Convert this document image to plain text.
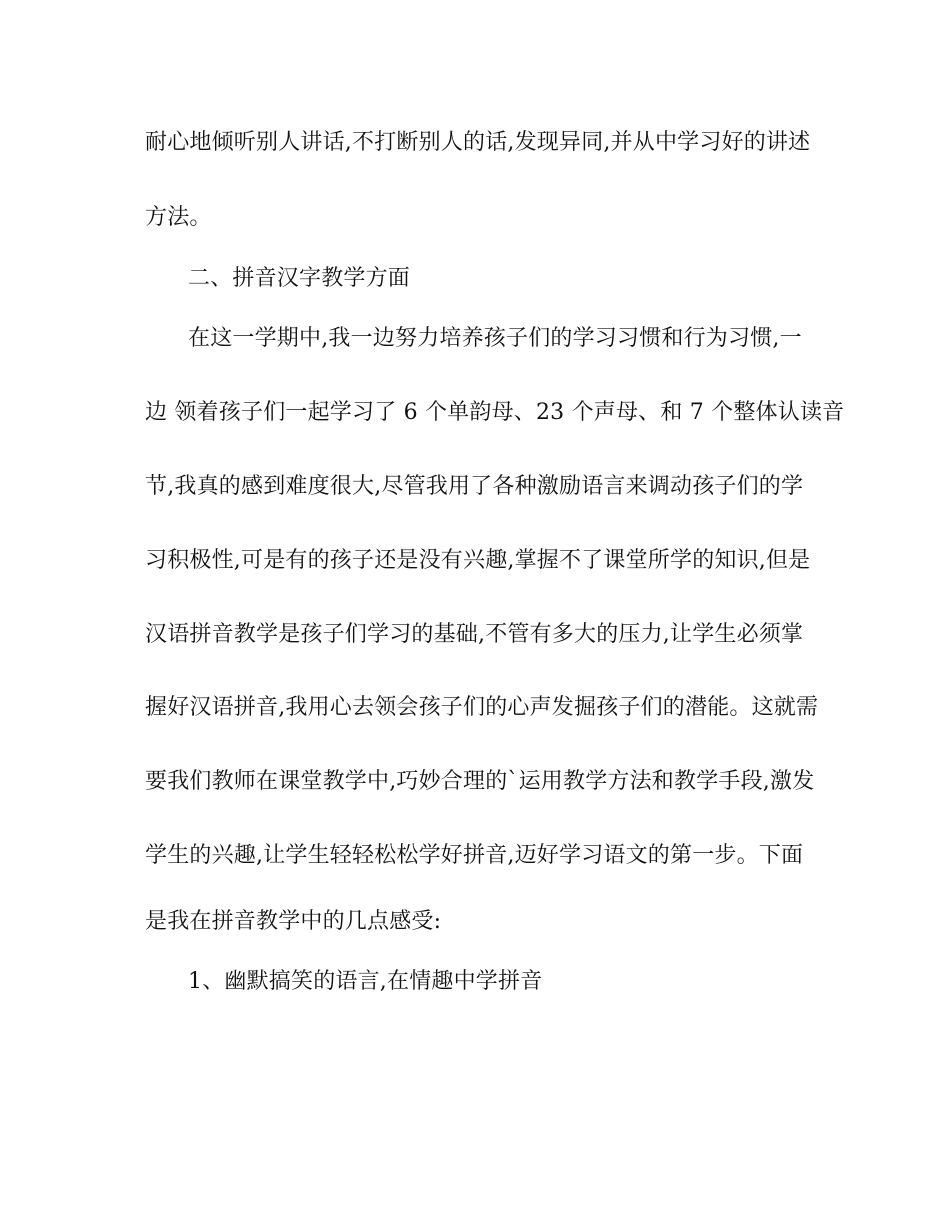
耐心地倾听别人讲话,不打断别人的话,发现异同,并从中学习好的讲述
方法。
二、拼音汉字教学方面
在这一学期中,我一边努力培养孩子们的学习习惯和行为习惯,一
边 领着孩子们一起学习了 6 个单韵母、23 个声母、和 7 个整体认读音
节,我真的感到难度很大,尽管我用了各种激励语言来调动孩子们的学
习积极性,可是有的孩子还是没有兴趣,掌握不了课堂所学的知识,但是
汉语拼音教学是孩子们学习的基础,不管有多大的压力,让学生必须掌
握好汉语拼音,我用心去领会孩子们的心声发掘孩子们的潜能。这就需
要我们教师在课堂教学中,巧妙合理的`运用教学方法和教学手段,激发
学生的兴趣,让学生轻轻松松学好拼音,迈好学习语文的第一步。下面
是我在拼音教学中的几点感受:
1、幽默搞笑的语言,在情趣中学拼音
